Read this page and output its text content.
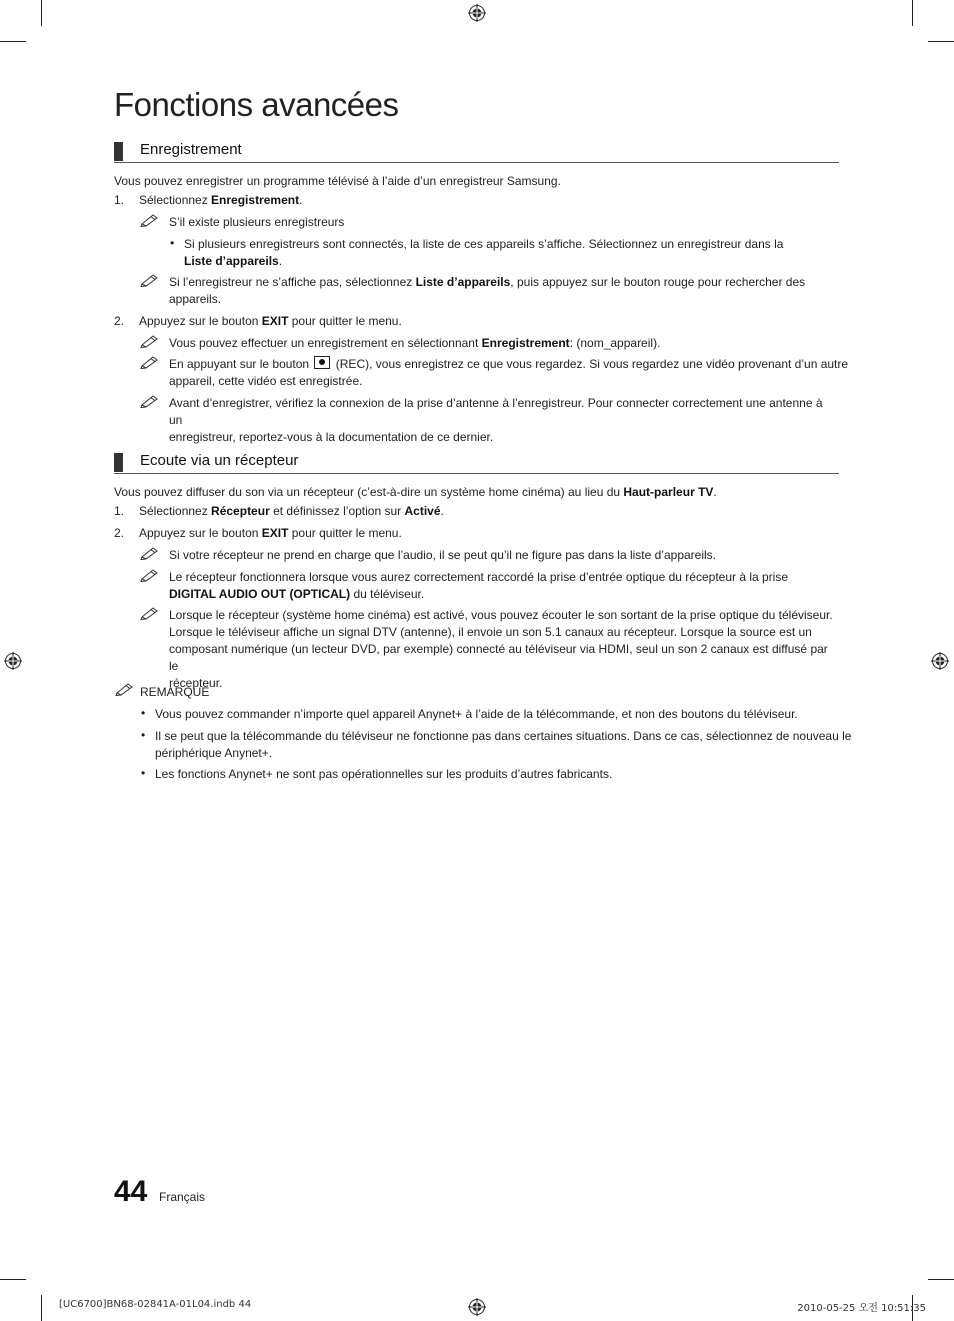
Fonctions avancées
Enregistrement
Vous pouvez enregistrer un programme télévisé à l’aide d’un enregistreur Samsung.
1.	Sélectionnez Enregistrement.
S’il existe plusieurs enregistreurs
• Si plusieurs enregistreurs sont connectés, la liste de ces appareils s’affiche. Sélectionnez un enregistreur dans la
Liste d’appareils.
Si l’enregistreur ne s’affiche pas, sélectionnez Liste d’appareils, puis appuyez sur le bouton rouge pour rechercher des
appareils.
2.	Appuyez sur le bouton EXIT pour quitter le menu.
Vous pouvez effectuer un enregistrement en sélectionnant Enregistrement: (nom_appareil).
En appuyant sur le bouton  (REC), vous enregistrez ce que vous regardez. Si vous regardez une vidéo provenant d’un autre
appareil, cette vidéo est enregistrée.
Avant d’enregistrer, vérifiez la connexion de la prise d’antenne à l’enregistreur. Pour connecter correctement une antenne à un
enregistreur, reportez-vous à la documentation de ce dernier.
Ecoute via un récepteur
Vous pouvez diffuser du son via un récepteur (c’est-à-dire un système home cinéma) au lieu du Haut-parleur TV.
1.	Sélectionnez Récepteur et définissez l’option sur Activé.
2.	Appuyez sur le bouton EXIT pour quitter le menu.
Si votre récepteur ne prend en charge que l’audio, il se peut qu’il ne figure pas dans la liste d’appareils.
Le récepteur fonctionnera lorsque vous aurez correctement raccordé la prise d’entrée optique du récepteur à la prise
DIGITAL AUDIO OUT (OPTICAL) du téléviseur.
Lorsque le récepteur (système home cinéma) est activé, vous pouvez écouter le son sortant de la prise optique du téléviseur.
Lorsque le téléviseur affiche un signal DTV (antenne), il envoie un son 5.1 canaux au récepteur. Lorsque la source est un
composant numérique (un lecteur DVD, par exemple) connecté au téléviseur via HDMI, seul un son 2 canaux est diffusé par le
récepteur.
REMARQUE
• Vous pouvez commander n’importe quel appareil Anynet+ à l’aide de la télécommande, et non des boutons du téléviseur.
• Il se peut que la télécommande du téléviseur ne fonctionne pas dans certaines situations. Dans ce cas, sélectionnez de nouveau le
périphérique Anynet+.
• Les fonctions Anynet+ ne sont pas opérationnelles sur les produits d’autres fabricants.
44 Français
[UC6700]BN68-02841A-01L04.indb 44	2010-05-25 오전 10:51:35
